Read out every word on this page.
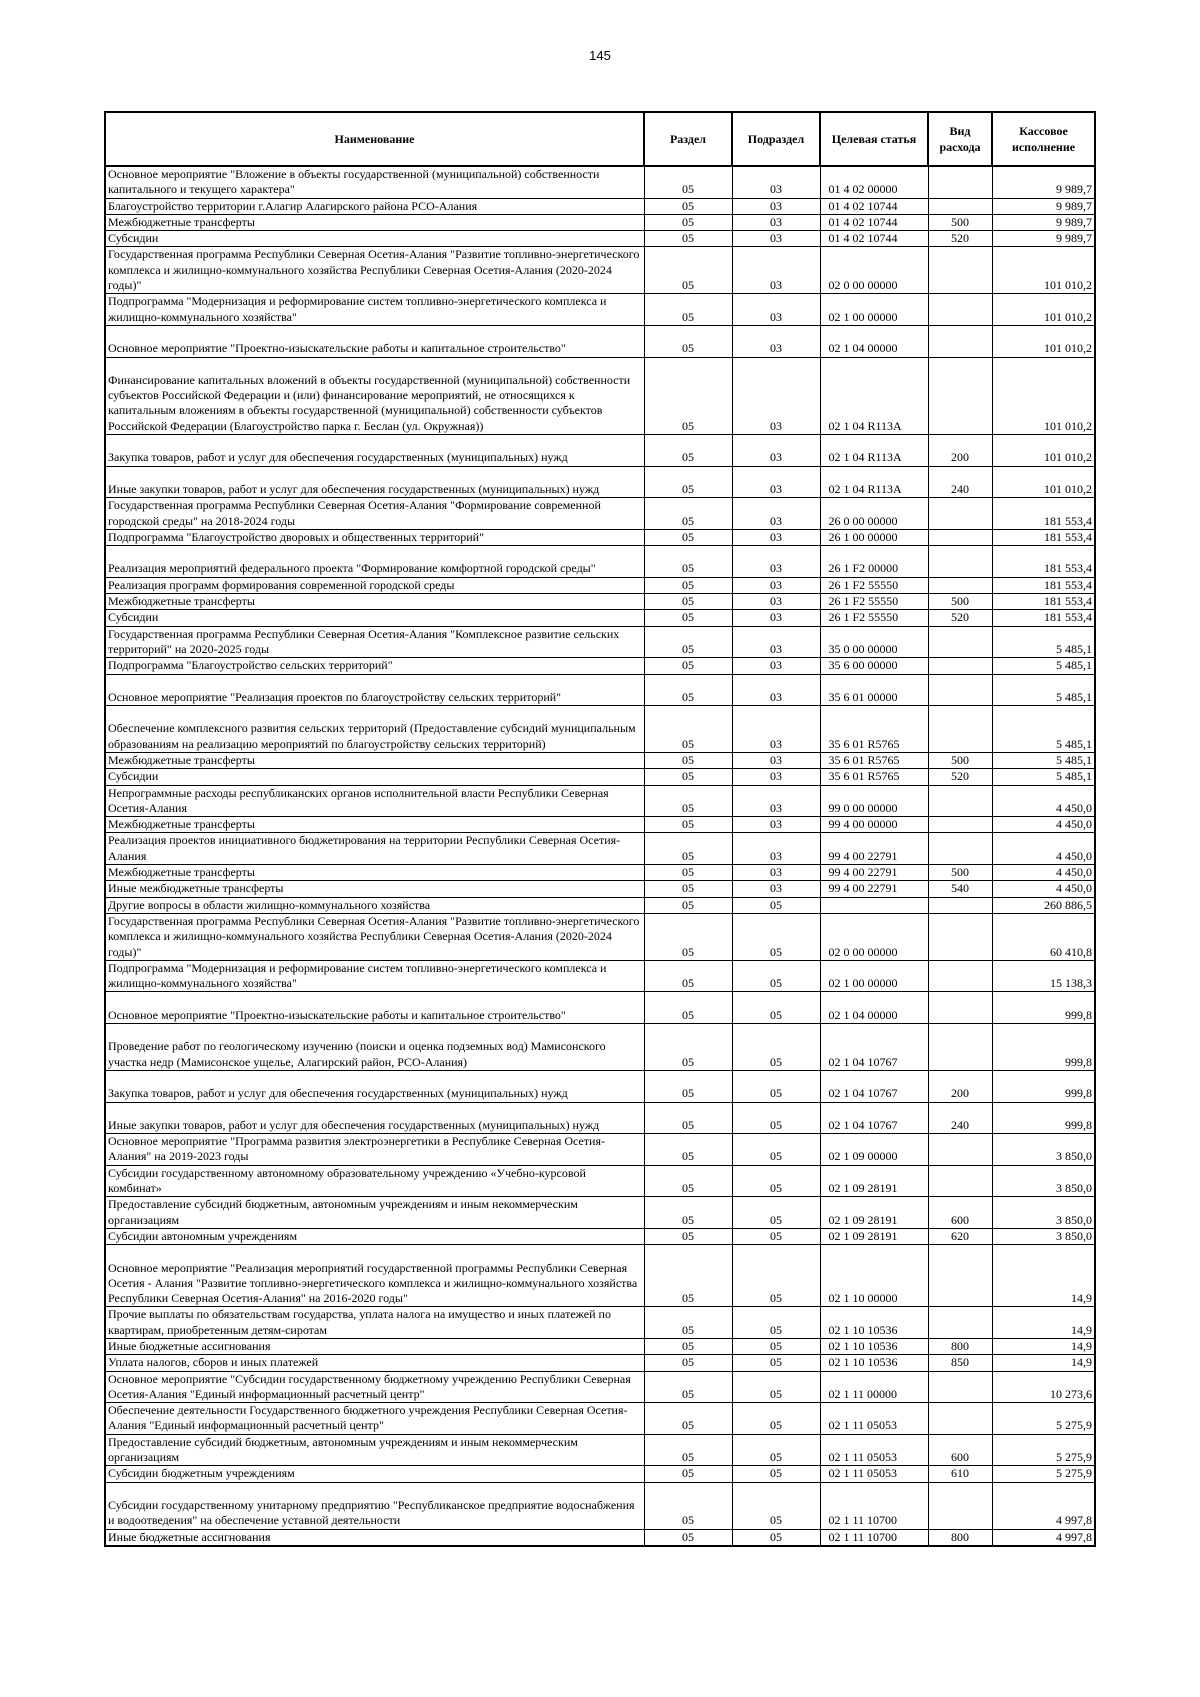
145
Наименование	Раздел	Подраздел	Целевая статья	Вид расхода	Кассовое исполнение
Основное мероприятие "Вложение в объекты государственной (муниципальной) собственности капитального и текущего характера"	05	03	01 4 02 00000		9 989,7
Благоустройство территории г.Алагир Алагирского района РСО-Алания	05	03	01 4 02 10744		9 989,7
Межбюджетные трансферты	05	03	01 4 02 10744	500	9 989,7
Субсидии	05	03	01 4 02 10744	520	9 989,7
Государственная программа Республики Северная Осетия-Алания "Развитие топливно-энергетического комплекса и жилищно-коммунального хозяйства Республики Северная Осетия-Алания (2020-2024 годы)"	05	03	02 0 00 00000		101 010,2
Подпрограмма "Модернизация и реформирование систем топливно-энергетического комплекса и жилищно-коммунального хозяйства"	05	03	02 1 00 00000		101 010,2
Основное мероприятие "Проектно-изыскательские работы и капитальное строительство"	05	03	02 1 04 00000		101 010,2
Финансирование капитальных вложений в объекты государственной (муниципальной) собственности субъектов Российской Федерации и (или) финансирование мероприятий, не относящихся к капитальным вложениям в объекты государственной (муниципальной) собственности субъектов Российской Федерации (Благоустройство парка г. Беслан (ул. Окружная))	05	03	02 1 04 R113A		101 010,2
Закупка товаров, работ и услуг для обеспечения государственных (муниципальных) нужд	05	03	02 1 04 R113A	200	101 010,2
Иные закупки товаров, работ и услуг для обеспечения государственных (муниципальных) нужд	05	03	02 1 04 R113A	240	101 010,2
Государственная программа Республики Северная Осетия-Алания "Формирование современной городской среды" на 2018-2024 годы	05	03	26 0 00 00000		181 553,4
Подпрограмма "Благоустройство дворовых и общественных территорий"	05	03	26 1 00 00000		181 553,4
Реализация мероприятий федерального проекта "Формирование комфортной городской среды"	05	03	26 1 F2 00000		181 553,4
Реализация программ формирования современной городской среды	05	03	26 1 F2 55550		181 553,4
Межбюджетные трансферты	05	03	26 1 F2 55550	500	181 553,4
Субсидии	05	03	26 1 F2 55550	520	181 553,4
Государственная программа Республики Северная Осетия-Алания "Комплексное развитие сельских территорий" на 2020-2025 годы	05	03	35 0 00 00000		5 485,1
Подпрограмма "Благоустройство сельских территорий"	05	03	35 6 00 00000		5 485,1
Основное мероприятие "Реализация проектов по благоустройству сельских территорий"	05	03	35 6 01 00000		5 485,1
Обеспечение комплексного развития сельских территорий (Предоставление субсидий муниципальным образованиям на реализацию мероприятий по благоустройству сельских территорий)	05	03	35 6 01 R5765		5 485,1
Межбюджетные трансферты	05	03	35 6 01 R5765	500	5 485,1
Субсидии	05	03	35 6 01 R5765	520	5 485,1
Непрограммные расходы республиканских органов исполнительной власти Республики Северная Осетия-Алания	05	03	99 0 00 00000		4 450,0
Межбюджетные трансферты	05	03	99 4 00 00000		4 450,0
Реализация проектов инициативного бюджетирования на территории Республики Северная Осетия-Алания	05	03	99 4 00 22791		4 450,0
Межбюджетные трансферты	05	03	99 4 00 22791	500	4 450,0
Иные межбюджетные трансферты	05	03	99 4 00 22791	540	4 450,0
Другие вопросы в области жилищно-коммунального хозяйства	05	05			260 886,5
Государственная программа Республики Северная Осетия-Алания "Развитие топливно-энергетического комплекса и жилищно-коммунального хозяйства Республики Северная Осетия-Алания (2020-2024 годы)"	05	05	02 0 00 00000		60 410,8
Подпрограмма "Модернизация и реформирование систем топливно-энергетического комплекса и жилищно-коммунального хозяйства"	05	05	02 1 00 00000		15 138,3
Основное мероприятие "Проектно-изыскательские работы и капитальное строительство"	05	05	02 1 04 00000		999,8
Проведение работ по геологическому изучению (поиски и оценка подземных вод) Мамисонского участка недр (Мамисонское ущелье, Алагирский район, РСО-Алания)	05	05	02 1 04 10767		999,8
Закупка товаров, работ и услуг для обеспечения государственных (муниципальных) нужд	05	05	02 1 04 10767	200	999,8
Иные закупки товаров, работ и услуг для обеспечения государственных (муниципальных) нужд	05	05	02 1 04 10767	240	999,8
Основное мероприятие "Программа развития электроэнергетики в Республике Северная Осетия-Алания" на 2019-2023 годы	05	05	02 1 09 00000		3 850,0
Субсидии государственному автономному образовательному учреждению «Учебно-курсовой комбинат»	05	05	02 1 09 28191		3 850,0
Предоставление субсидий бюджетным, автономным учреждениям и иным некоммерческим организациям	05	05	02 1 09 28191	600	3 850,0
Субсидии автономным учреждениям	05	05	02 1 09 28191	620	3 850,0
Основное мероприятие "Реализация мероприятий государственной программы Республики Северная Осетия - Алания "Развитие топливно-энергетического комплекса и жилищно-коммунального хозяйства Республики Северная Осетия-Алания" на 2016-2020 годы"	05	05	02 1 10 00000		14,9
Прочие выплаты по обязательствам государства, уплата налога на имущество и иных платежей по квартирам, приобретенным детям-сиротам	05	05	02 1 10 10536		14,9
Иные бюджетные ассигнования	05	05	02 1 10 10536	800	14,9
Уплата налогов, сборов и иных платежей	05	05	02 1 10 10536	850	14,9
Основное мероприятие "Субсидии государственному бюджетному учреждению Республики Северная Осетия-Алания "Единый информационный расчетный центр"	05	05	02 1 11 00000		10 273,6
Обеспечение деятельности Государственного бюджетного учреждения Республики Северная Осетия-Алания "Единый информационный расчетный центр"	05	05	02 1 11 05053		5 275,9
Предоставление субсидий бюджетным, автономным учреждениям и иным некоммерческим организациям	05	05	02 1 11 05053	600	5 275,9
Субсидии бюджетным учреждениям	05	05	02 1 11 05053	610	5 275,9
Субсидии государственному унитарному предприятию "Республиканское предприятие водоснабжения и водоотведения" на обеспечение уставной деятельности	05	05	02 1 11 10700		4 997,8
Иные бюджетные ассигнования	05	05	02 1 11 10700	800	4 997,8
